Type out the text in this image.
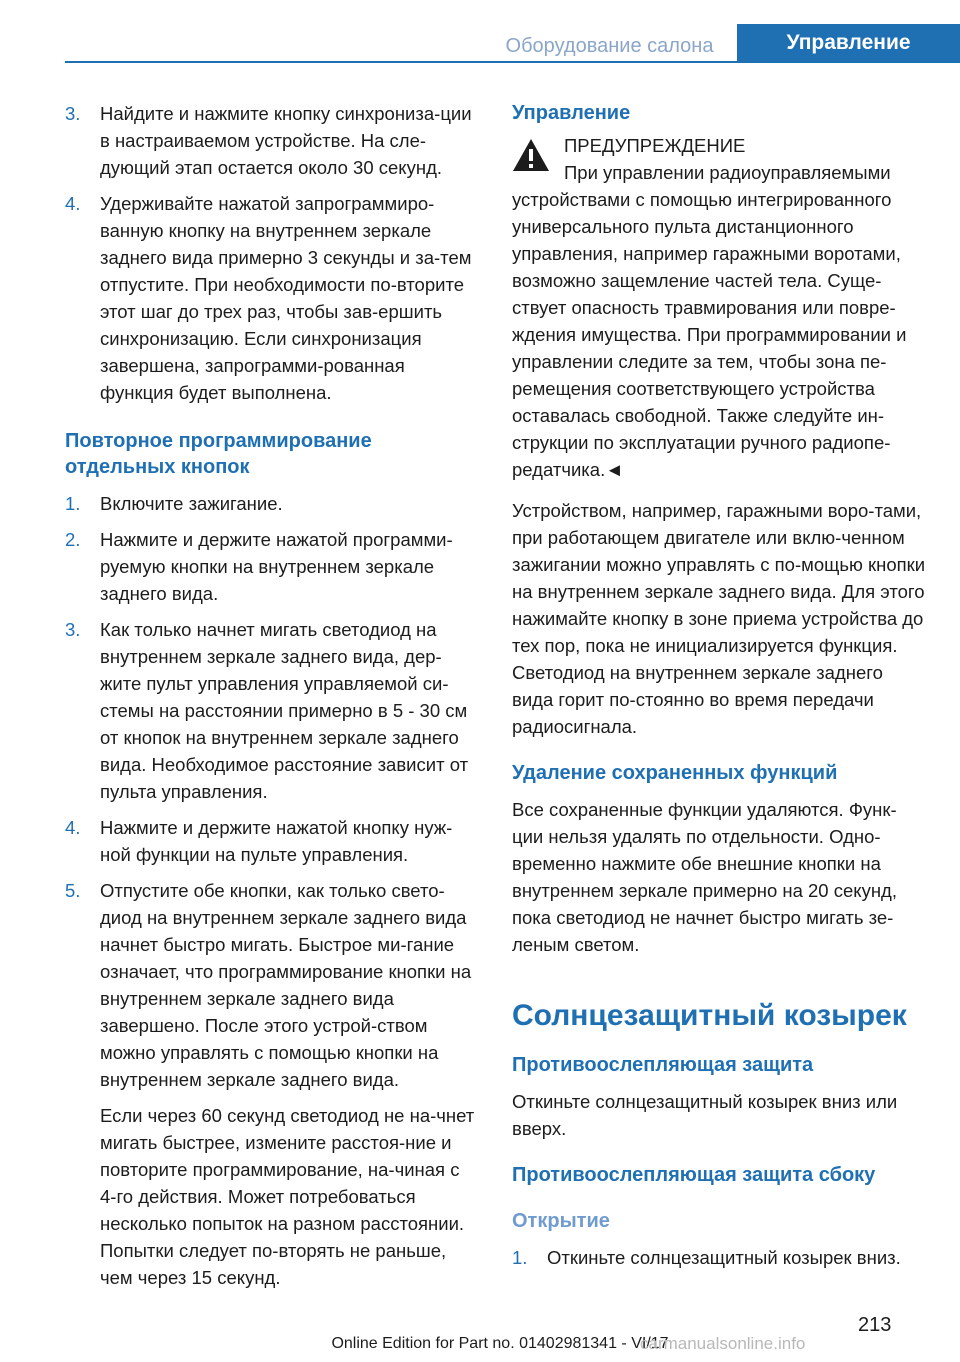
Оборудование салона	Управление
3. Найдите и нажмите кнопку синхрониза-ции в настраиваемом устройстве. На сле-дующий этап остается около 30 секунд.
4. Удерживайте нажатой запрограммиро-ванную кнопку на внутреннем зеркале заднего вида примерно 3 секунды и за-тем отпустите. При необходимости по-вторите этот шаг до трех раз, чтобы зав-ершить синхронизацию. Если синхронизация завершена, запрограмми-рованная функция будет выполнена.
Повторное программирование отдельных кнопок
1. Включите зажигание.
2. Нажмите и держите нажатой программи-руемую кнопки на внутреннем зеркале заднего вида.
3. Как только начнет мигать светодиод на внутреннем зеркале заднего вида, дер-жите пульт управления управляемой си-стемы на расстоянии примерно в 5 - 30 см от кнопок на внутреннем зеркале заднего вида. Необходимое расстояние зависит от пульта управления.
4. Нажмите и держите нажатой кнопку нуж-ной функции на пульте управления.
5. Отпустите обе кнопки, как только свето-диод на внутреннем зеркале заднего вида начнет быстро мигать. Быстрое ми-гание означает, что программирование кнопки на внутреннем зеркале заднего вида завершено. После этого устрой-ством можно управлять с помощью кнопки на внутреннем зеркале заднего вида.
Если через 60 секунд светодиод не на-чнет мигать быстрее, измените расстоя-ние и повторите программирование, на-чиная с 4-го действия. Может потребоваться несколько попыток на разном расстоянии. Попытки следует по-вторять не раньше, чем через 15 секунд.
Управление
ПРЕДУПРЕЖДЕНИЕ
При управлении радиоуправляемыми устройствами с помощью интегрированного универсального пульта дистанционного управления, например гаражными воротами, возможно защемление частей тела. Суще-ствует опасность травмирования или повре-ждения имущества. При программировании и управлении следите за тем, чтобы зона пе-ремещения соответствующего устройства оставалась свободной. Также следуйте ин-струкции по эксплуатации ручного радиопе-редатчика.◄
Устройством, например, гаражными воро-тами, при работающем двигателе или вклю-ченном зажигании можно управлять с по-мощью кнопки на внутреннем зеркале заднего вида. Для этого нажимайте кнопку в зоне приема устройства до тех пор, пока не инициализируется функция. Светодиод на внутреннем зеркале заднего вида горит по-стоянно во время передачи радиосигнала.
Удаление сохраненных функций
Все сохраненные функции удаляются. Функ-ции нельзя удалять по отдельности. Одно-временно нажмите обе внешние кнопки на внутреннем зеркале примерно на 20 секунд, пока светодиод не начнет быстро мигать зе-леным светом.
Солнцезащитный козырек
Противоослепляющая защита
Откиньте солнцезащитный козырек вниз или вверх.
Противоослепляющая защита сбоку
Открытие
1. Откиньте солнцезащитный козырек вниз.
213
Online Edition for Part no. 01402981341 - VI/17
carmanualsonline.info
